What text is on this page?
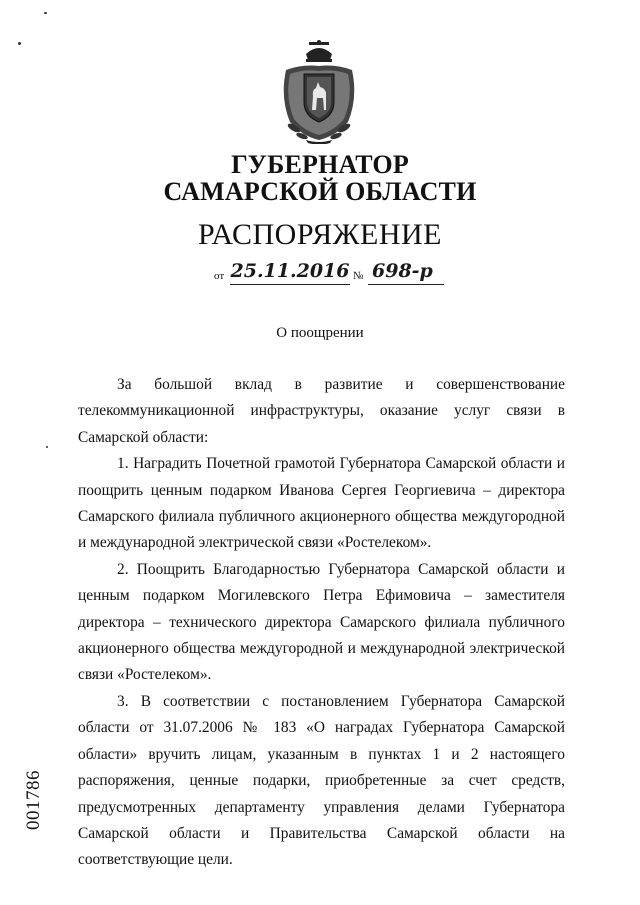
ГУБЕРНАТОР
САМАРСКОЙ ОБЛАСТИ
РАСПОРЯЖЕНИЕ
от 25.11.2016 № 698-р
О поощрении

За большой вклад в развитие и совершенствование телекоммуникационной инфраструктуры, оказание услуг связи в Самарской области:

1. Наградить Почетной грамотой Губернатора Самарской области и поощрить ценным подарком Иванова Сергея Георгиевича – директора Самарского филиала публичного акционерного общества междугородной и международной электрической связи «Ростелеком».

2. Поощрить Благодарностью Губернатора Самарской области и ценным подарком Могилевского Петра Ефимовича – заместителя директора – технического директора Самарского филиала публичного акционерного общества междугородной и международной электрической связи «Ростелеком».

3. В соответствии с постановлением Губернатора Самарской области от 31.07.2006 № 183 «О наградах Губернатора Самарской области» вручить лицам, указанным в пунктах 1 и 2 настоящего распоряжения, ценные подарки, приобретенные за счет средств, предусмотренных департаменту управления делами Губернатора Самарской области и Правительства Самарской области на соответствующие цели.

001786
